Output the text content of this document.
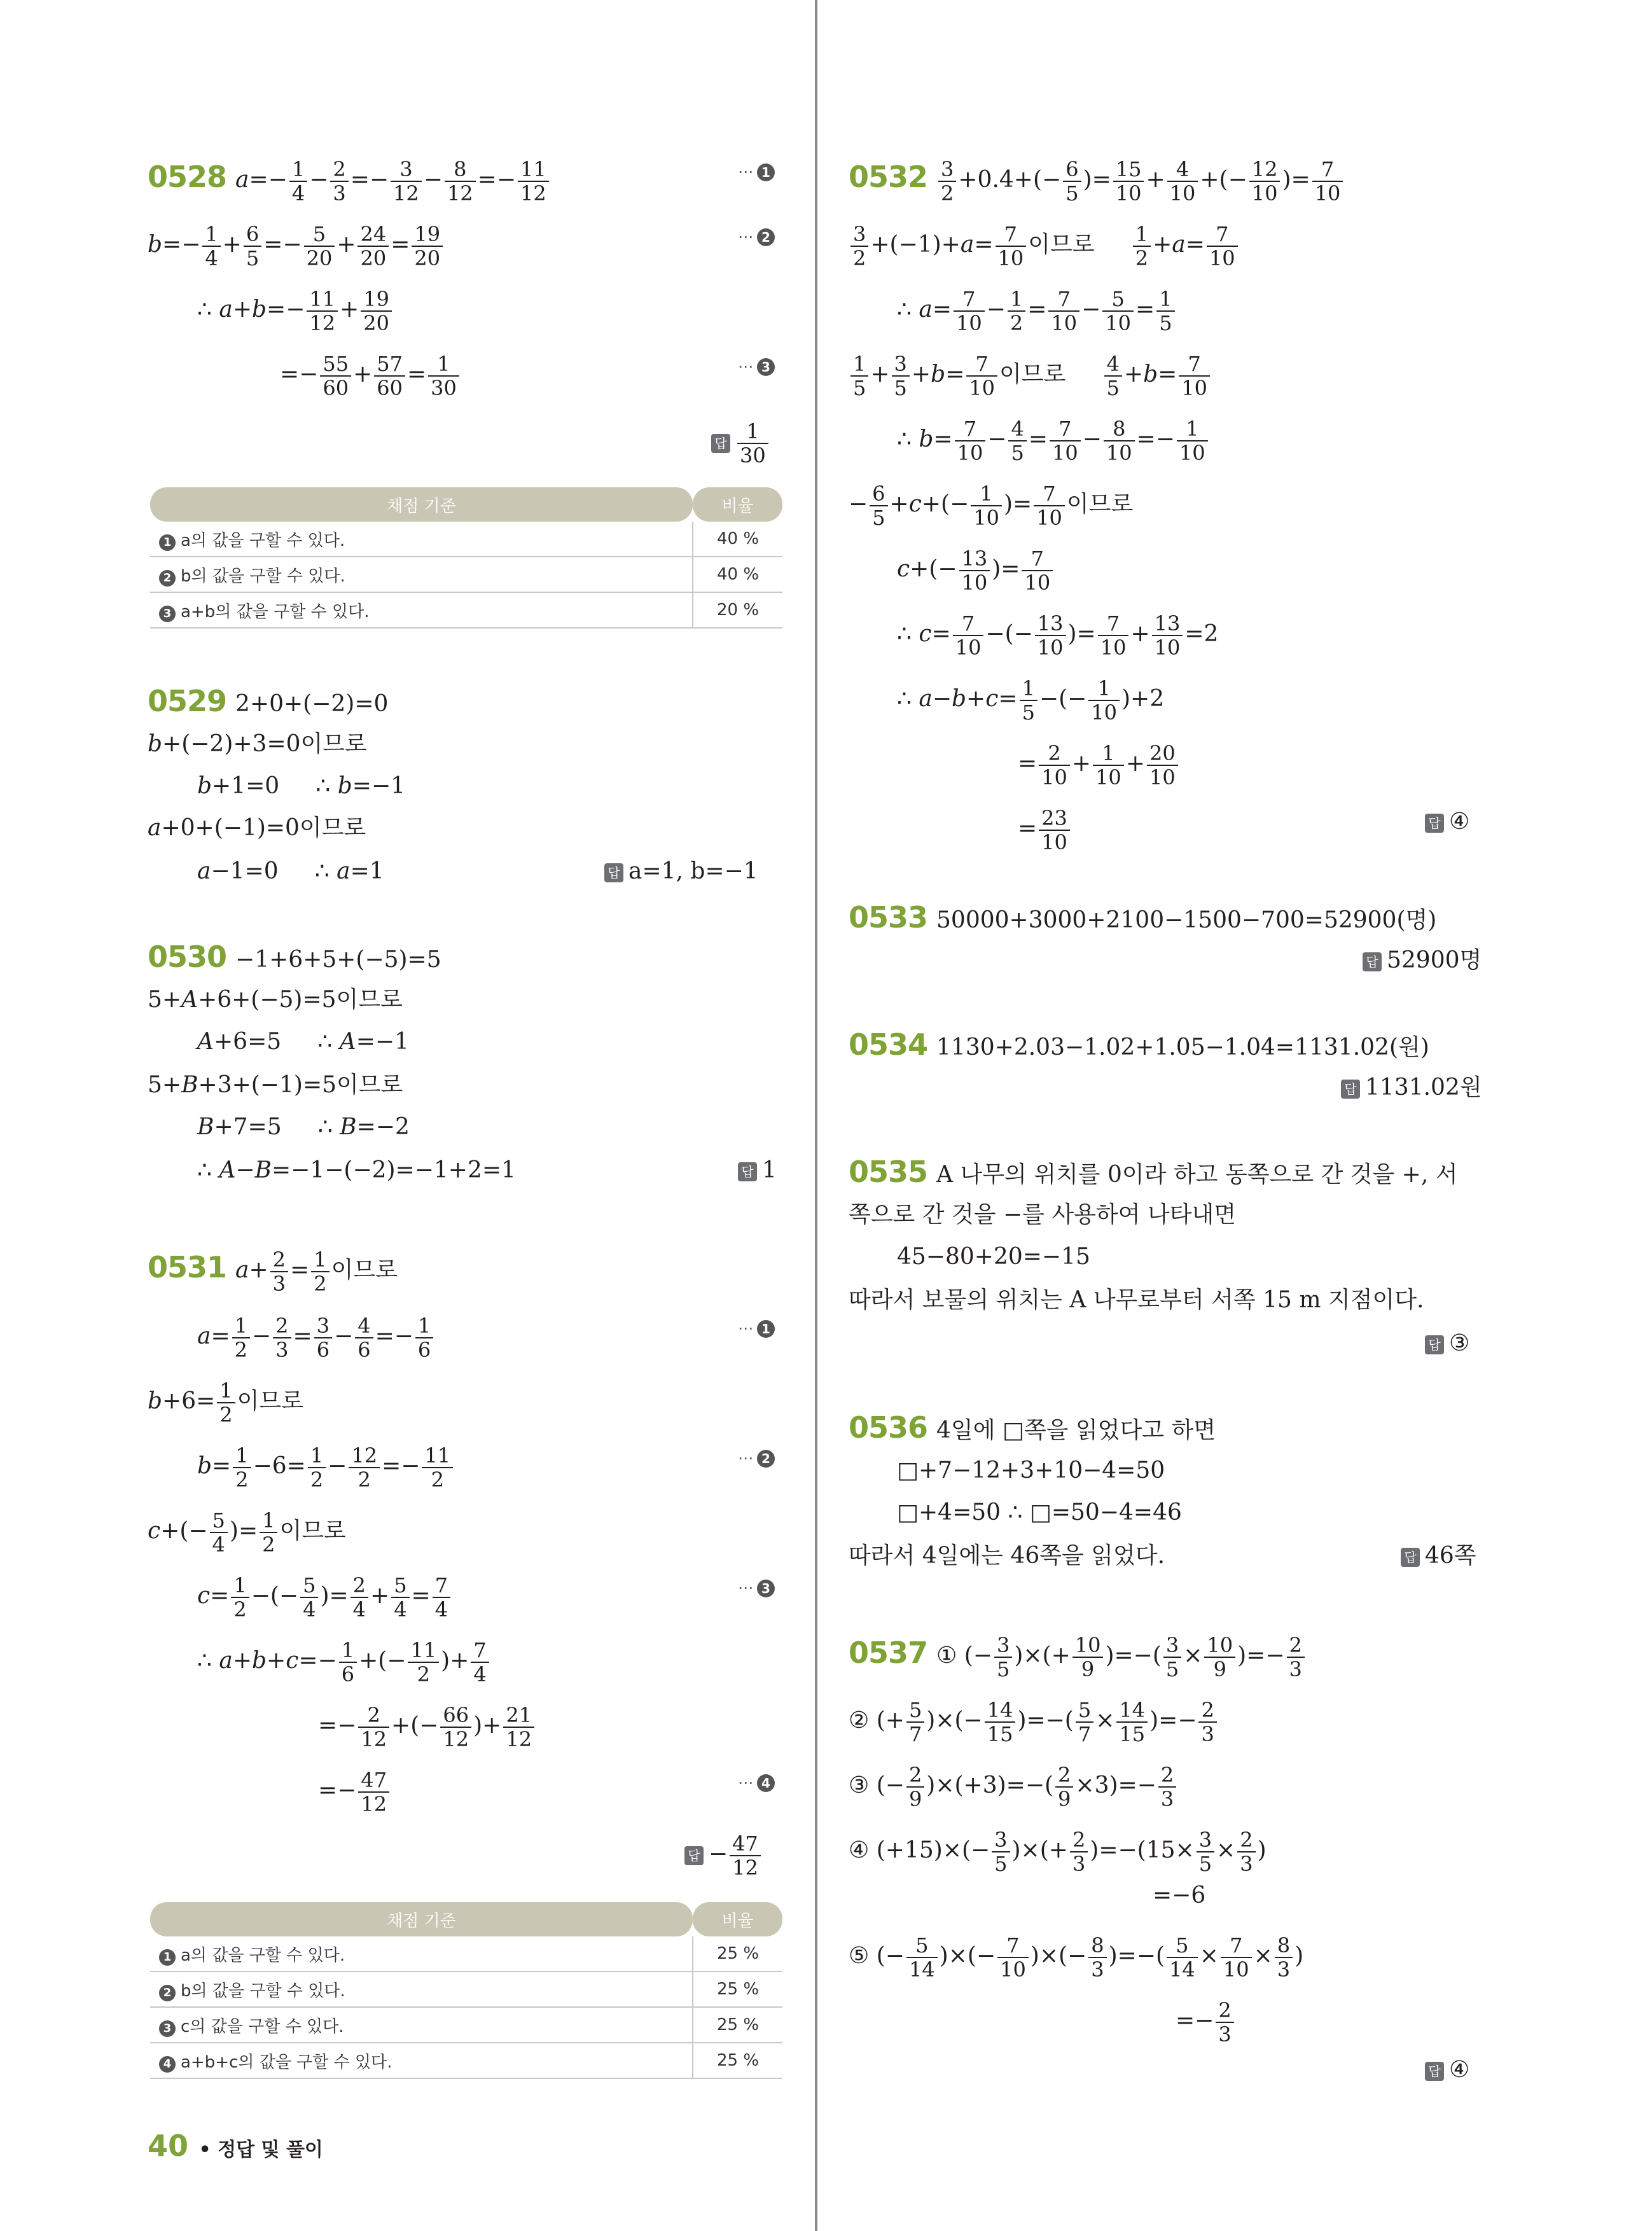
0528 $a=- \frac{1}{4} - \frac{2}{3} =- \frac{3}{12} - \frac{8}{12} =- \frac{11}{12}$	⋯ 1
$b=- \frac{1}{4} + \frac{6}{5} =- \frac{5}{20} + \frac{24}{20} = \frac{19}{20}$	⋯ 2
∴ $a+b=- \frac{11}{12} + \frac{19}{20}$
=− $\frac{55}{60} + \frac{57}{60} = \frac{1}{30}$	⋯ 3
답 $\frac{1}{30}$
채점 기준	비율
1 a의 값을 구할 수 있다.	40 %
2 b의 값을 구할 수 있다.	40 %
3 a+b의 값을 구할 수 있다.	20 %
0529 2+0+(−2)=0
b+(−2)+3=0이므로
b+1=0     ∴ b=−1
a+0+(−1)=0이므로
a−1=0     ∴ a=1	답 a=1, b=−1
0530 −1+6+5+(−5)=5
5+A+6+(−5)=5이므로
A+6=5     ∴ A=−1
5+B+3+(−1)=5이므로
B+7=5     ∴ B=−2
∴ A−B=−1−(−2)=−1+2=1	답 1
0531 $a+ \frac{2}{3} = \frac{1}{2}$ 이므로
$a= \frac{1}{2} - \frac{2}{3} = \frac{3}{6} - \frac{4}{6} =- \frac{1}{6}$	⋯ 1
$b+6= \frac{1}{2}$ 이므로
$b= \frac{1}{2} -6= \frac{1}{2} - \frac{12}{2} =- \frac{11}{2}$	⋯ 2
$c+(- \frac{5}{4}$ )= $\frac{1}{2}$ 이므로
$c= \frac{1}{2}$ −(− $\frac{5}{4}$ )= $\frac{2}{4} + \frac{5}{4} = \frac{7}{4}$	⋯ 3
∴ $a+b+c=- \frac{1}{6}$ +(− $\frac{11}{2}$ )+ $\frac{7}{4}$
=− $\frac{2}{12}$ +(− $\frac{66}{12}$ )+ $\frac{21}{12}$
=− $\frac{47}{12}$	⋯ 4
답 − $\frac{47}{12}$
채점 기준	비율
1 a의 값을 구할 수 있다.	25 %
2 b의 값을 구할 수 있다.	25 %
3 c의 값을 구할 수 있다.	25 %
4 a+b+c의 값을 구할 수 있다.	25 %
40 • 정답 및 풀이
$0532 \frac{3}{2} +0.4+(- \frac{6}{5}$ )= $\frac{15}{10} + \frac{4}{10}$ +(− $\frac{12}{10}$ )= $\frac{7}{10}$
$\frac{3}{2} +(-1)+a= \frac{7}{10}$ 이므로 $\frac{1}{2} +a= \frac{7}{10}$
∴ $a= \frac{7}{10} - \frac{1}{2} = \frac{7}{10} - \frac{5}{10} = \frac{1}{5}$
$\frac{1}{5} + \frac{3}{5} +b= \frac{7}{10}$ 이므로 $\frac{4}{5} +b= \frac{7}{10}$
∴ $b= \frac{7}{10} - \frac{4}{5} = \frac{7}{10} - \frac{8}{10} =- \frac{1}{10}$
− $\frac{6}{5} +c+(- \frac{1}{10}$ )= $\frac{7}{10}$ 이므로
$c+(- \frac{13}{10}$ )= $\frac{7}{10}$
∴ $c= \frac{7}{10}$ −(− $\frac{13}{10}$ )= $\frac{7}{10} + \frac{13}{10} =2$
∴ $a-b+c= \frac{1}{5}$ −(− $\frac{1}{10} )+2$
= $\frac{2}{10} + \frac{1}{10} + \frac{20}{10}$
= $\frac{23}{10}$	답 ④
0533 50000+3000+2100−1500−700=52900(명)
답 52900명
0534 1130+2.03−1.02+1.05−1.04=1131.02(원)
답 1131.02원
0535 A 나무의 위치를 0이라 하고 동쪽으로 간 것을 +, 서
쪽으로 간 것을 −를 사용하여 나타내면
45−80+20=−15
따라서 보물의 위치는 A 나무로부터 서쪽 15 m 지점이다.
답 ③
0536 4일에 □쪽을 읽었다고 하면
□+7−12+3+10−4=50
□+4=50 ∴ □=50−4=46
따라서 4일에는 46쪽을 읽었다.	답 46쪽
0537 ① (− $\frac{3}{5}$ )×(+ $\frac{10}{9}$ )=−( $\frac{3}{5} \times \frac{10}{9}$ )=− $\frac{2}{3}$
② (+ $\frac{5}{7}$ )×(− $\frac{14}{15}$ )=−( $\frac{5}{7} \times \frac{14}{15}$ )=− $\frac{2}{3}$
③ (− $\frac{2}{9} )\times(+3)=-( \frac{2}{9} \times 3)=- \frac{2}{3}$
④ $(+15)\times(- \frac{3}{5}$ )×(+ $\frac{2}{3} )=-(15\times \frac{3}{5} \times \frac{2}{3}$ )
=−6
⑤ (− $\frac{5}{14}$ )×(− $\frac{7}{10}$ )×(− $\frac{8}{3}$ )=−( $\frac{5}{14} \times \frac{7}{10} \times \frac{8}{3}$ )
=− $\frac{2}{3}$
답 ④
